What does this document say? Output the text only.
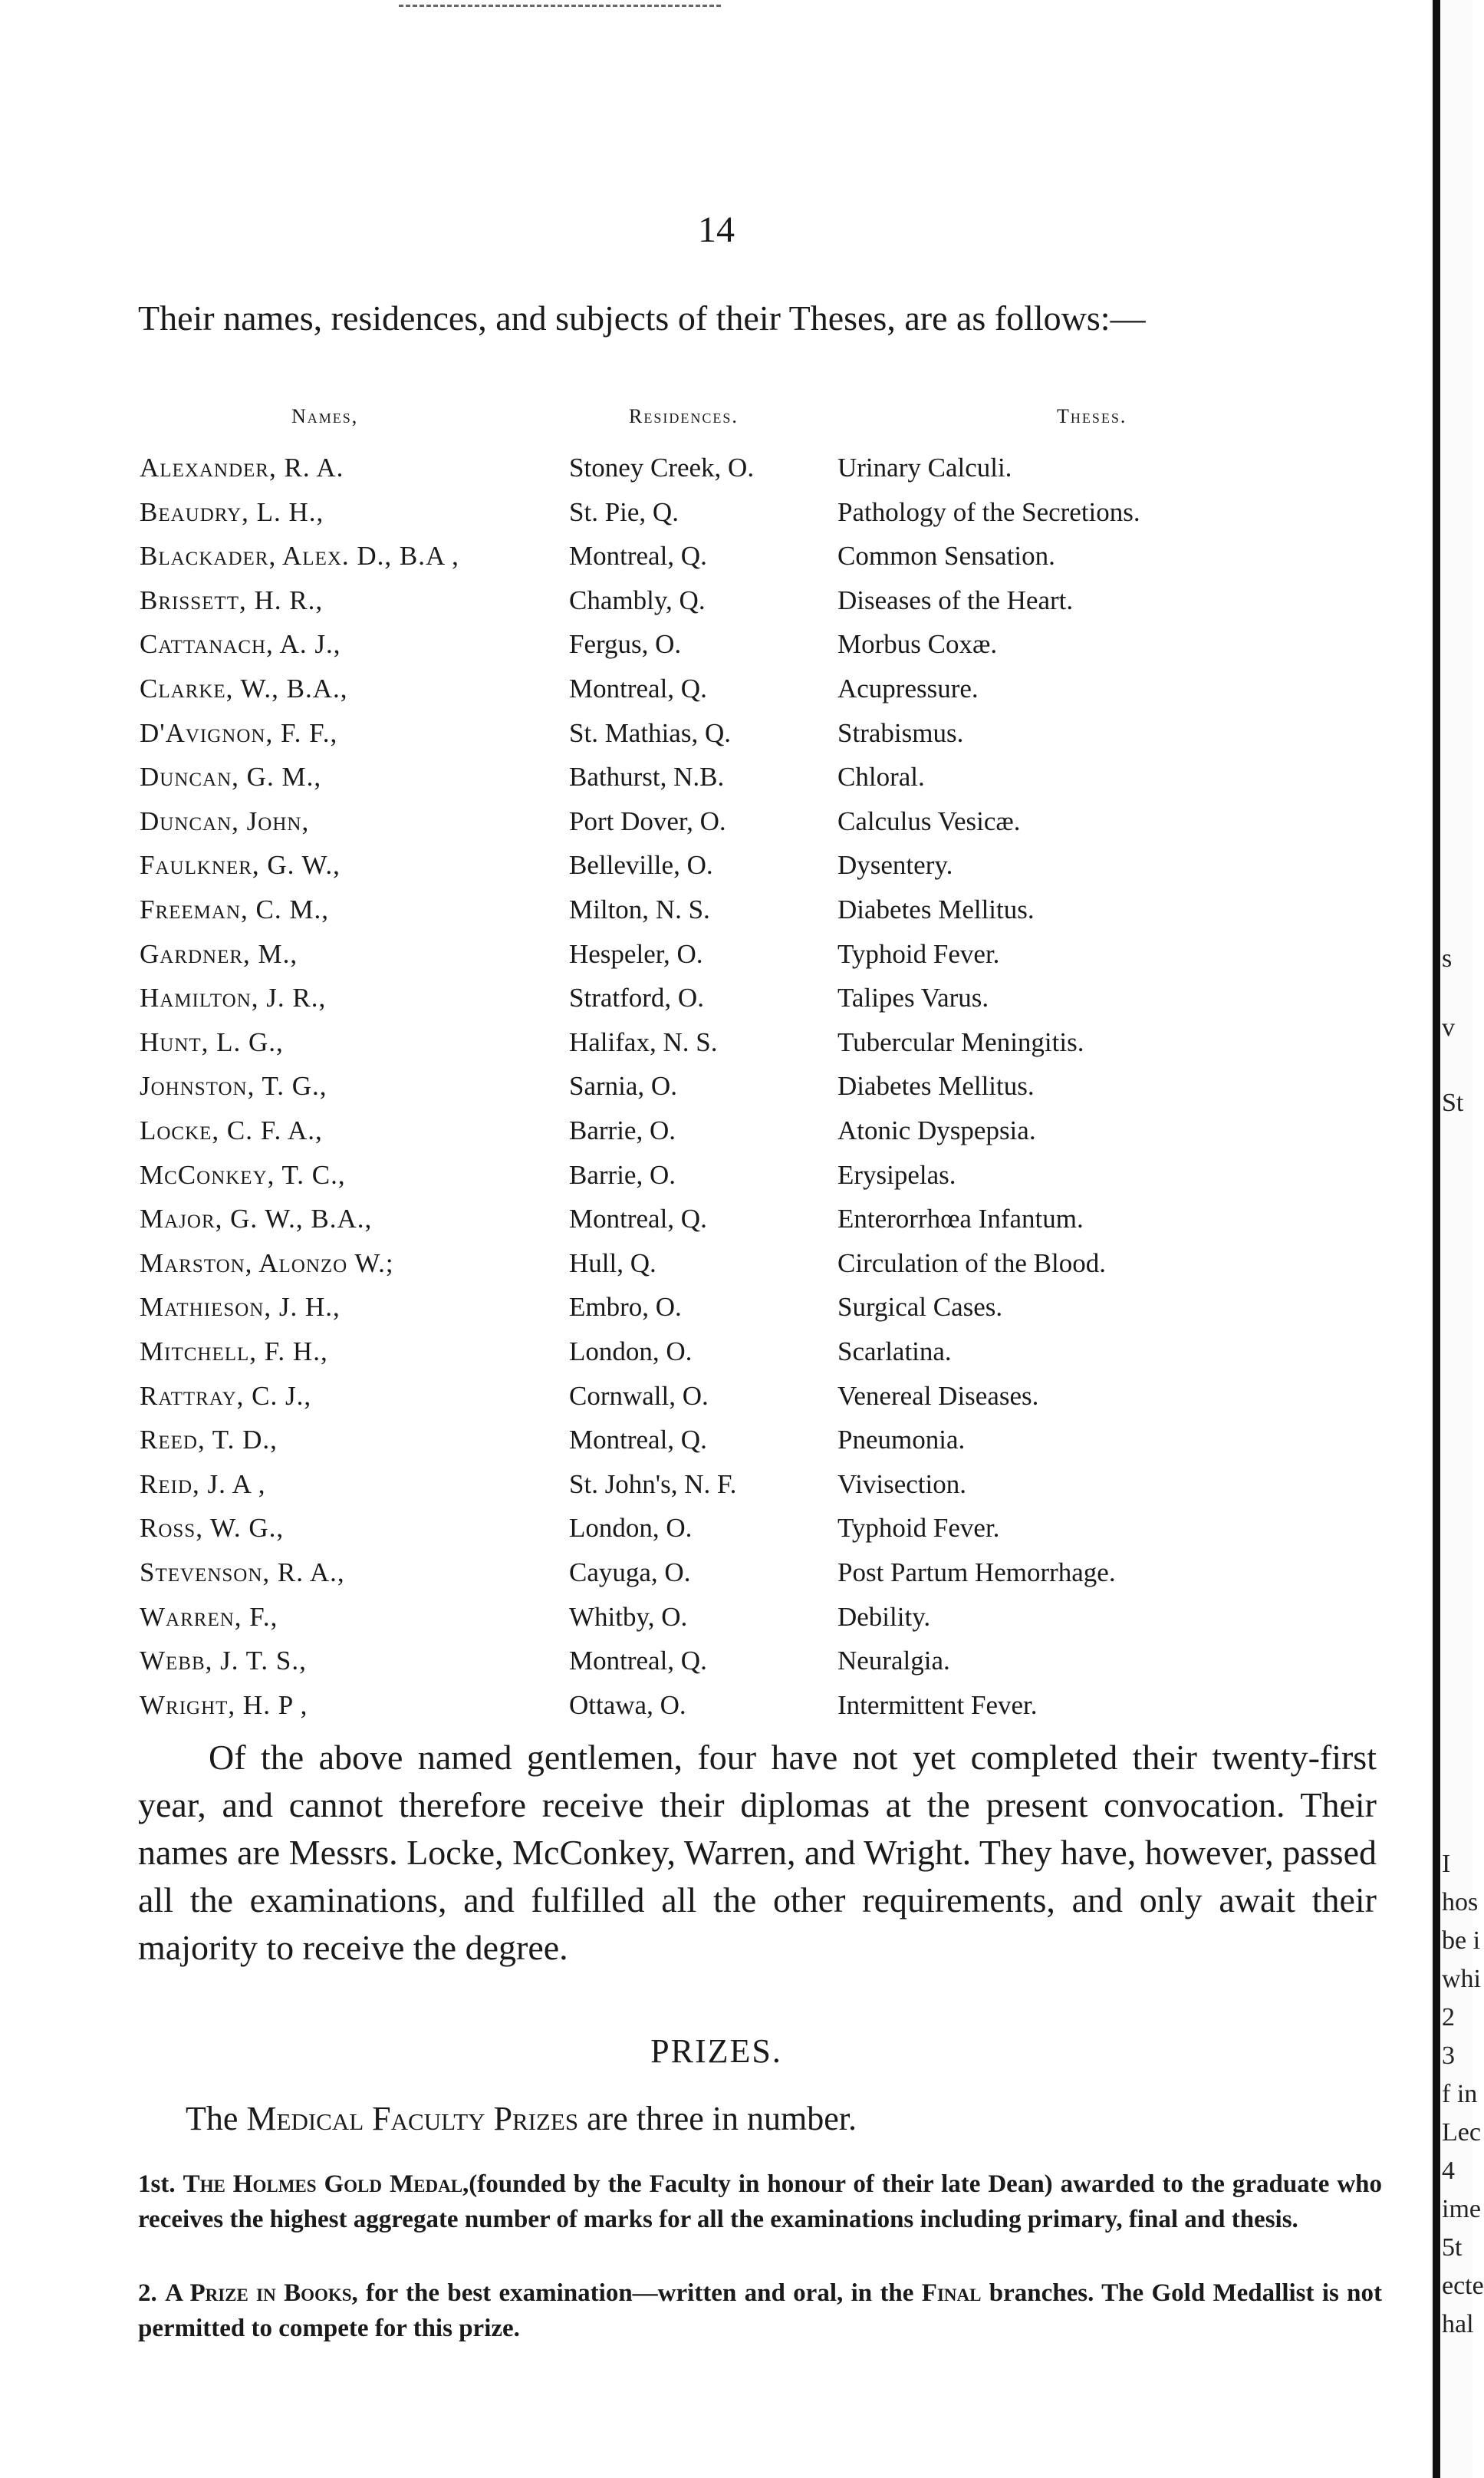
14

Their names, residences, and subjects of their Theses, are as follows:—

Names,	Residences.	Theses.
Alexander, R. A.	Stoney Creek, O.	Urinary Calculi.
Beaudry, L. H.,	St. Pie, Q.	Pathology of the Secretions.
Blackader, Alex. D., B.A ,	Montreal, Q.	Common Sensation.
Brissett, H. R.,	Chambly, Q.	Diseases of the Heart.
Cattanach, A. J.,	Fergus, O.	Morbus Coxæ.
Clarke, W., B.A.,	Montreal, Q.	Acupressure.
D'Avignon, F. F.,	St. Mathias, Q.	Strabismus.
Duncan, G. M.,	Bathurst, N.B.	Chloral.
Duncan, John,	Port Dover, O.	Calculus Vesicæ.
Faulkner, G. W.,	Belleville, O.	Dysentery.
Freeman, C. M.,	Milton, N. S.	Diabetes Mellitus.
Gardner, M.,	Hespeler, O.	Typhoid Fever.
Hamilton, J. R.,	Stratford, O.	Talipes Varus.
Hunt, L. G.,	Halifax, N. S.	Tubercular Meningitis.
Johnston, T. G.,	Sarnia, O.	Diabetes Mellitus.
Locke, C. F. A.,	Barrie, O.	Atonic Dyspepsia.
McConkey, T. C.,	Barrie, O.	Erysipelas.
Major, G. W., B.A.,	Montreal, Q.	Enterorrhœa Infantum.
Marston, Alonzo W.;	Hull, Q.	Circulation of the Blood.
Mathieson, J. H.,	Embro, O.	Surgical Cases.
Mitchell, F. H.,	London, O.	Scarlatina.
Rattray, C. J.,	Cornwall, O.	Venereal Diseases.
Reed, T. D.,	Montreal, Q.	Pneumonia.
Reid, J. A ,	St. John's, N. F.	Vivisection.
Ross, W. G.,	London, O.	Typhoid Fever.
Stevenson, R. A.,	Cayuga, O.	Post Partum Hemorrhage.
Warren, F.,	Whitby, O.	Debility.
Webb, J. T. S.,	Montreal, Q.	Neuralgia.
Wright, H. P ,	Ottawa, O.	Intermittent Fever.

Of the above named gentlemen, four have not yet completed their twenty-first year, and cannot therefore receive their diplomas at the present convocation. Their names are Messrs. Locke, McConkey, Warren, and Wright. They have, however, passed all the examinations, and fulfilled all the other requirements, and only await their majority to receive the degree.

PRIZES.
The Medical Faculty Prizes are three in number.

1st. The Holmes Gold Medal,(founded by the Faculty in honour of their late Dean) awarded to the graduate who receives the highest aggregate number of marks for all the examinations including primary, final and thesis.

2. A Prize in Books, for the best examination—written and oral, in the Final branches. The Gold Medallist is not permitted to compete for this prize.

s
v
St
I
hos
be i
whi
2
3
f in
Lec
4
ime
5t
ecte
hal
